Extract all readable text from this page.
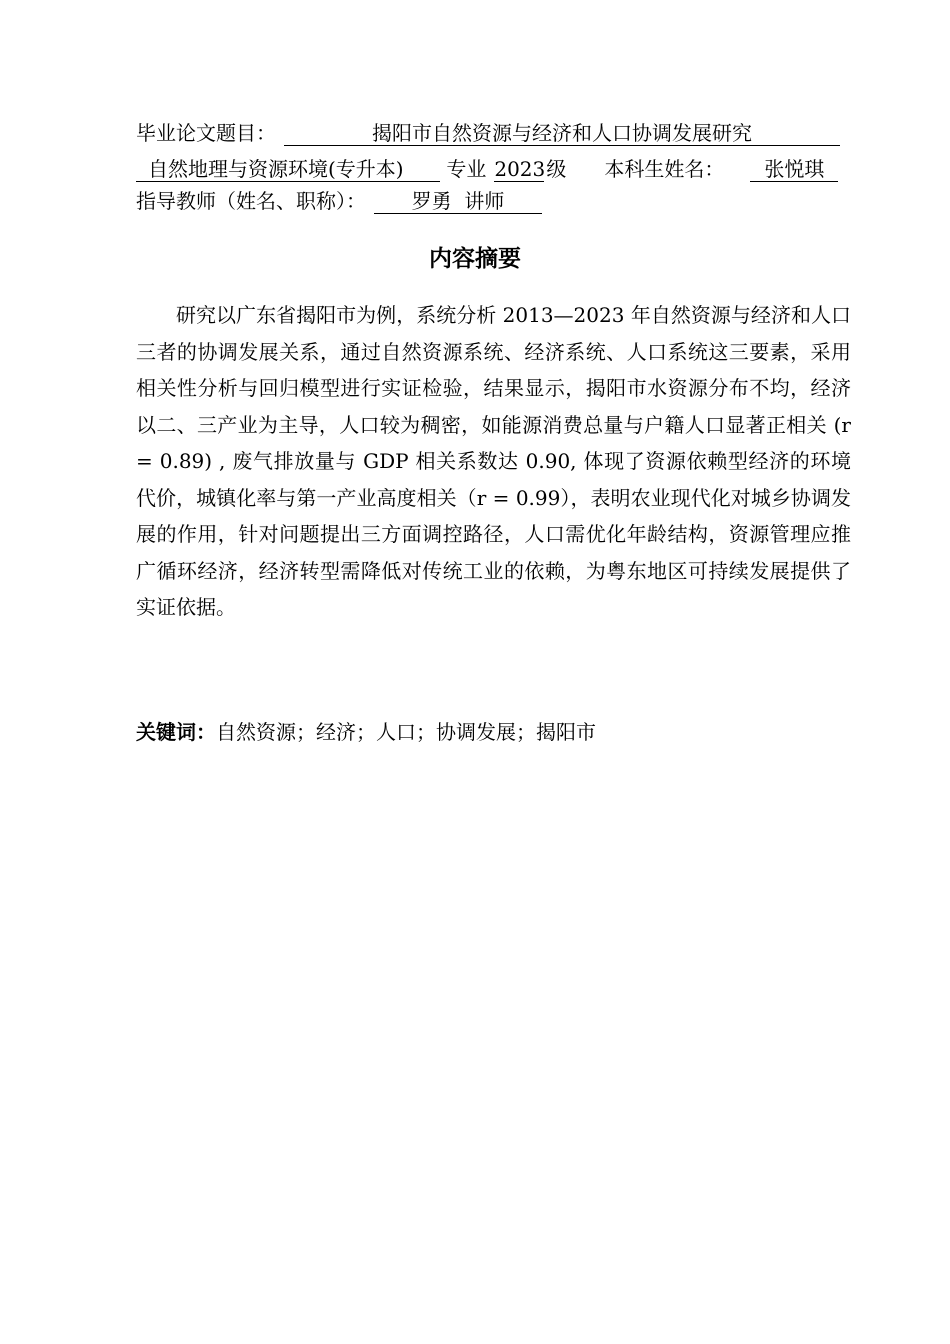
毕业论文题目：	揭阳市自然资源与经济和人口协调发展研究
自然地理与资源环境(专升本) 专业 2023级 本科生姓名： 张悦琪
指导教师（姓名、职称）： 罗勇  讲师
内容摘要

研究以广东省揭阳市为例，系统分析 2013—2023 年自然资源与经济和人口三者的协调发展关系，通过自然资源系统、经济系统、人口系统这三要素，采用相关性分析与回归模型进行实证检验，结果显示，揭阳市水资源分布不均，经济以二、三产业为主导，人口较为稠密，如能源消费总量与户籍人口显著正相关 (r = 0.89) , 废气排放量与 GDP 相关系数达 0.90, 体现了资源依赖型经济的环境代价，城镇化率与第一产业高度相关（r = 0.99），表明农业现代化对城乡协调发展的作用，针对问题提出三方面调控路径，人口需优化年龄结构，资源管理应推广循环经济，经济转型需降低对传统工业的依赖，为粤东地区可持续发展提供了实证依据。

关键词：自然资源；经济；人口；协调发展；揭阳市
